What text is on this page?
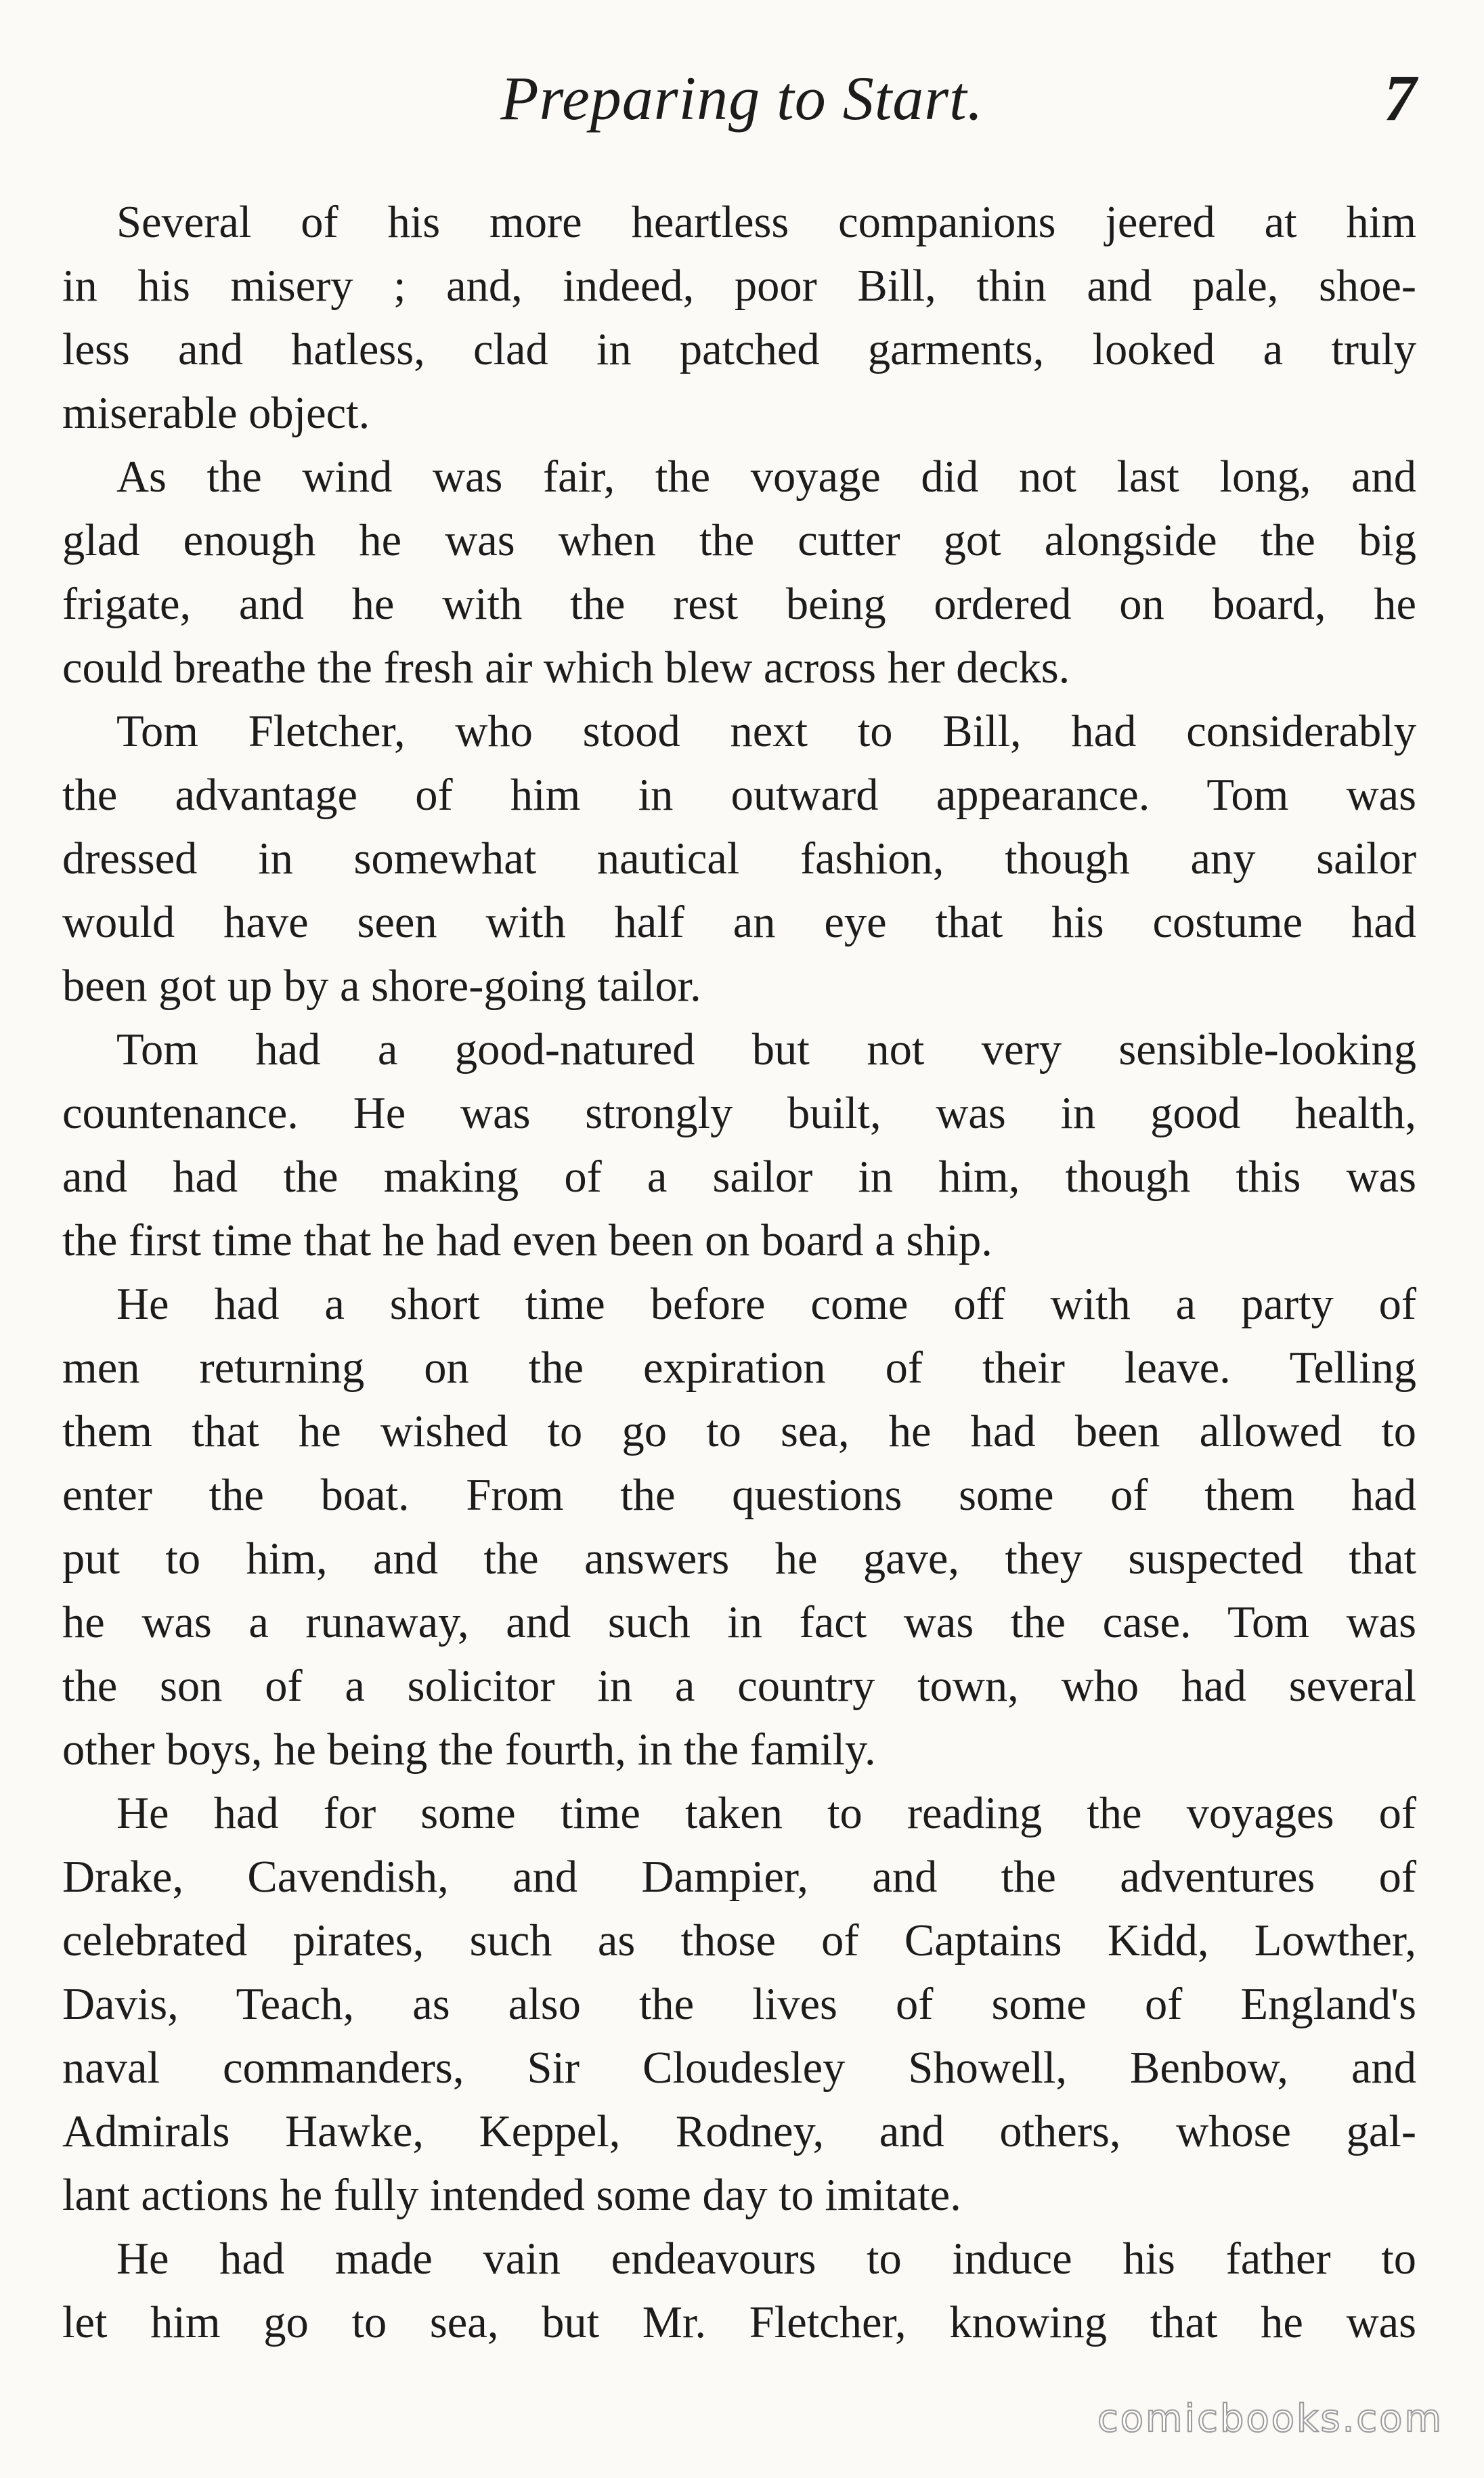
Preparing to Start.	7

Several of his more heartless companions jeered at him
in his misery ; and, indeed, poor Bill, thin and pale, shoe-
less and hatless, clad in patched garments, looked a truly
miserable object.

As the wind was fair, the voyage did not last long, and
glad enough he was when the cutter got alongside the big
frigate, and he with the rest being ordered on board, he
could breathe the fresh air which blew across her decks.

Tom Fletcher, who stood next to Bill, had considerably
the advantage of him in outward appearance. Tom was
dressed in somewhat nautical fashion, though any sailor
would have seen with half an eye that his costume had
been got up by a shore-going tailor.

Tom had a good-natured but not very sensible-looking
countenance. He was strongly built, was in good health,
and had the making of a sailor in him, though this was
the first time that he had even been on board a ship.

He had a short time before come off with a party of
men returning on the expiration of their leave. Telling
them that he wished to go to sea, he had been allowed to
enter the boat. From the questions some of them had
put to him, and the answers he gave, they suspected that
he was a runaway, and such in fact was the case. Tom was
the son of a solicitor in a country town, who had several
other boys, he being the fourth, in the family.

He had for some time taken to reading the voyages of
Drake, Cavendish, and Dampier, and the adventures of
celebrated pirates, such as those of Captains Kidd, Lowther,
Davis, Teach, as also the lives of some of England's
naval commanders, Sir Cloudesley Showell, Benbow, and
Admirals Hawke, Keppel, Rodney, and others, whose gal-
lant actions he fully intended some day to imitate.

He had made vain endeavours to induce his father to
let him go to sea, but Mr. Fletcher, knowing that he was

comicbooks.com
